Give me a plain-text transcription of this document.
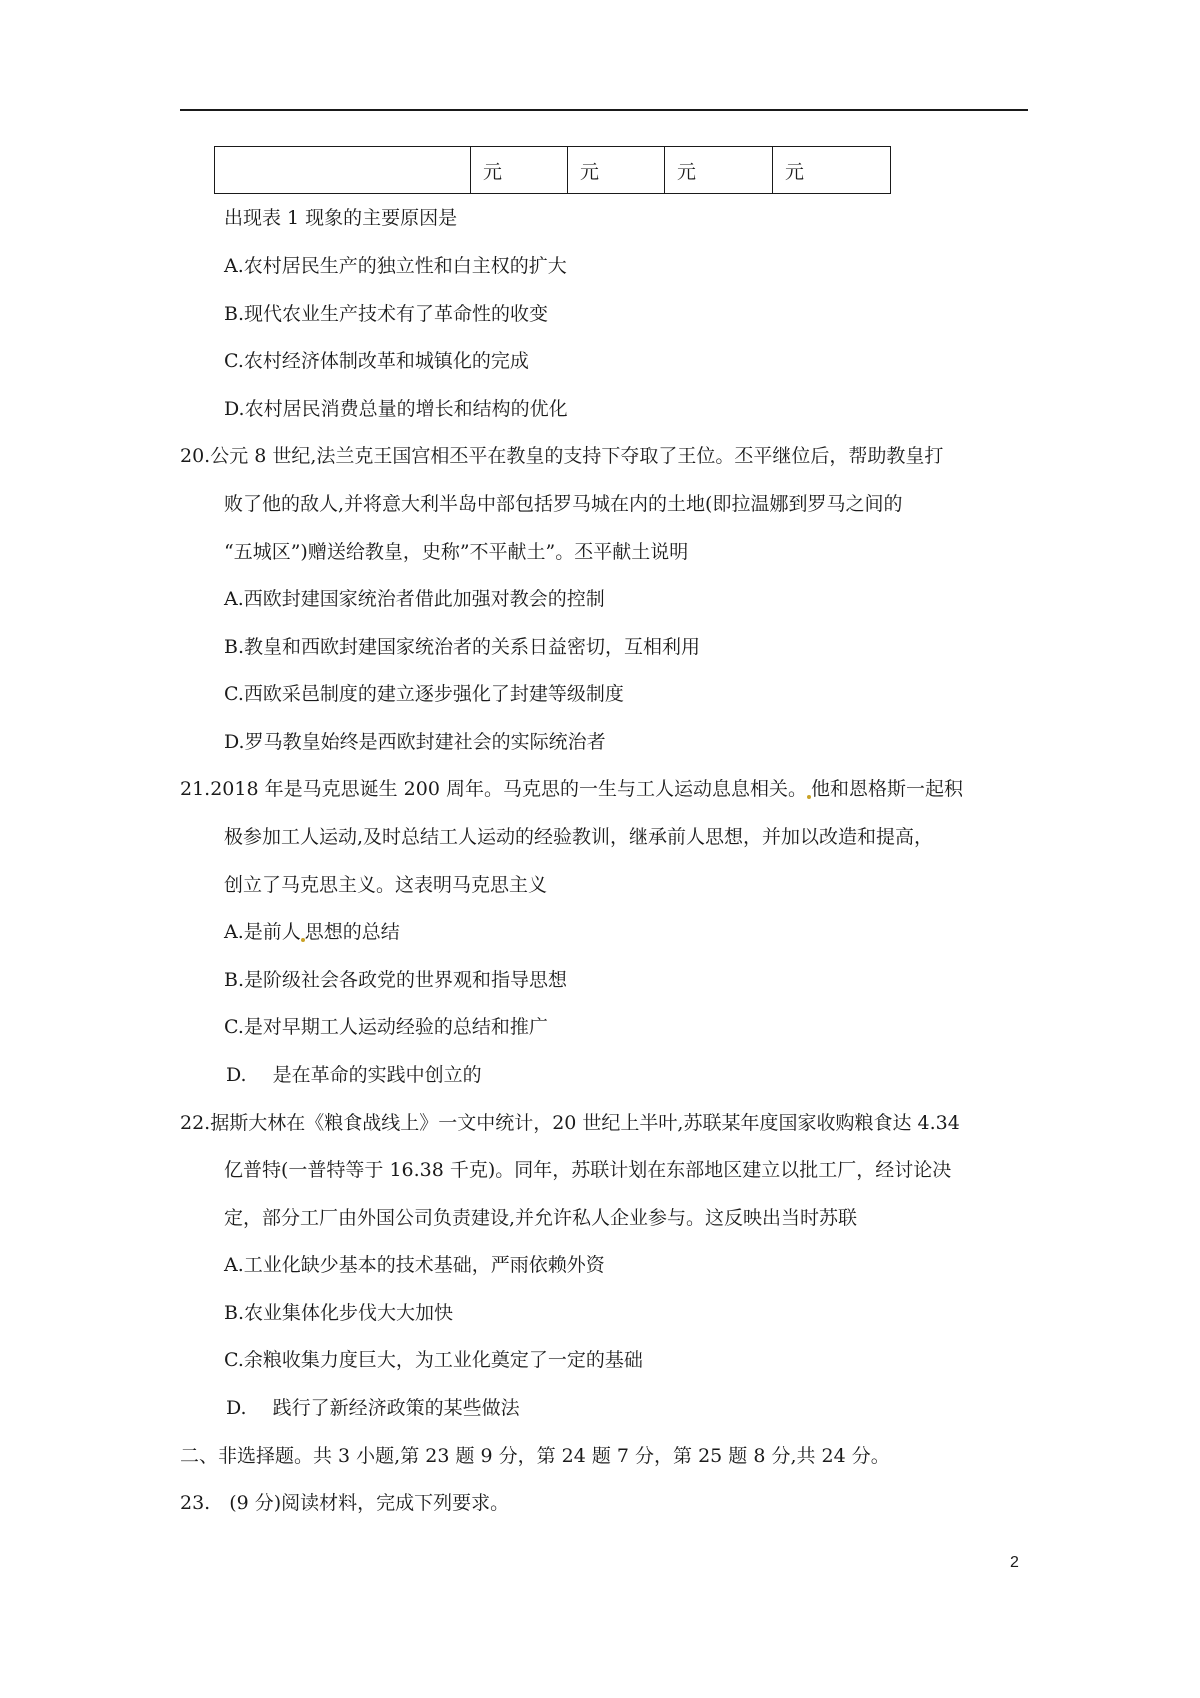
	元	元	元	元
出现表 1 现象的主要原因是
A.农村居民生产的独立性和白主权的扩大
B.现代农业生产技术有了革命性的收变
C.农村经济体制改革和城镇化的完成
D.农村居民消费总量的增长和结构的优化
20.公元 8 世纪,法兰克王国宫相丕平在教皇的支持下夺取了王位。丕平继位后，帮助教皇打
败了他的敌人,并将意大利半岛中部包括罗马城在内的土地(即拉温娜到罗马之间的
“五城区”)赠送给教皇，史称”不平献土”。丕平献土说明
A.西欧封建国家统治者借此加强对教会的控制
B.教皇和西欧封建国家统治者的关系日益密切，互相利用
C.西欧采邑制度的建立逐步强化了封建等级制度
D.罗马教皇始终是西欧封建社会的实际统治者
21.2018 年是马克思诞生 200 周年。马克思的一生与工人运动息息相关。 他和恩格斯一起积
极参加工人运动,及时总结工人运动的经验教训，继承前人思想，并加以改造和提高，
创立了马克思主义。这表明马克思主义
A.是前人 思想的总结
B.是阶级社会各政党的世界观和指导思想
C.是对早期工人运动经验的总结和推广
D. 是在革命的实践中创立的
22.据斯大林在《粮食战线上》一文中统计，20 世纪上半叶,苏联某年度国家收购粮食达 4.34
亿普特(一普特等于 16.38 千克)。同年，苏联计划在东部地区建立以批工厂，经讨论决
定，部分工厂由外国公司负责建设,并允许私人企业参与。这反映出当时苏联
A.工业化缺少基本的技术基础，严雨依赖外资
B.农业集体化步伐大大加快
C.余粮收集力度巨大，为工业化奠定了一定的基础
D. 践行了新经济政策的某些做法
二、非选择题。共 3 小题,第 23 题 9 分，第 24 题 7 分，第 25 题 8 分,共 24 分。
23.　(9 分)阅读材料，完成下列要求。
2
